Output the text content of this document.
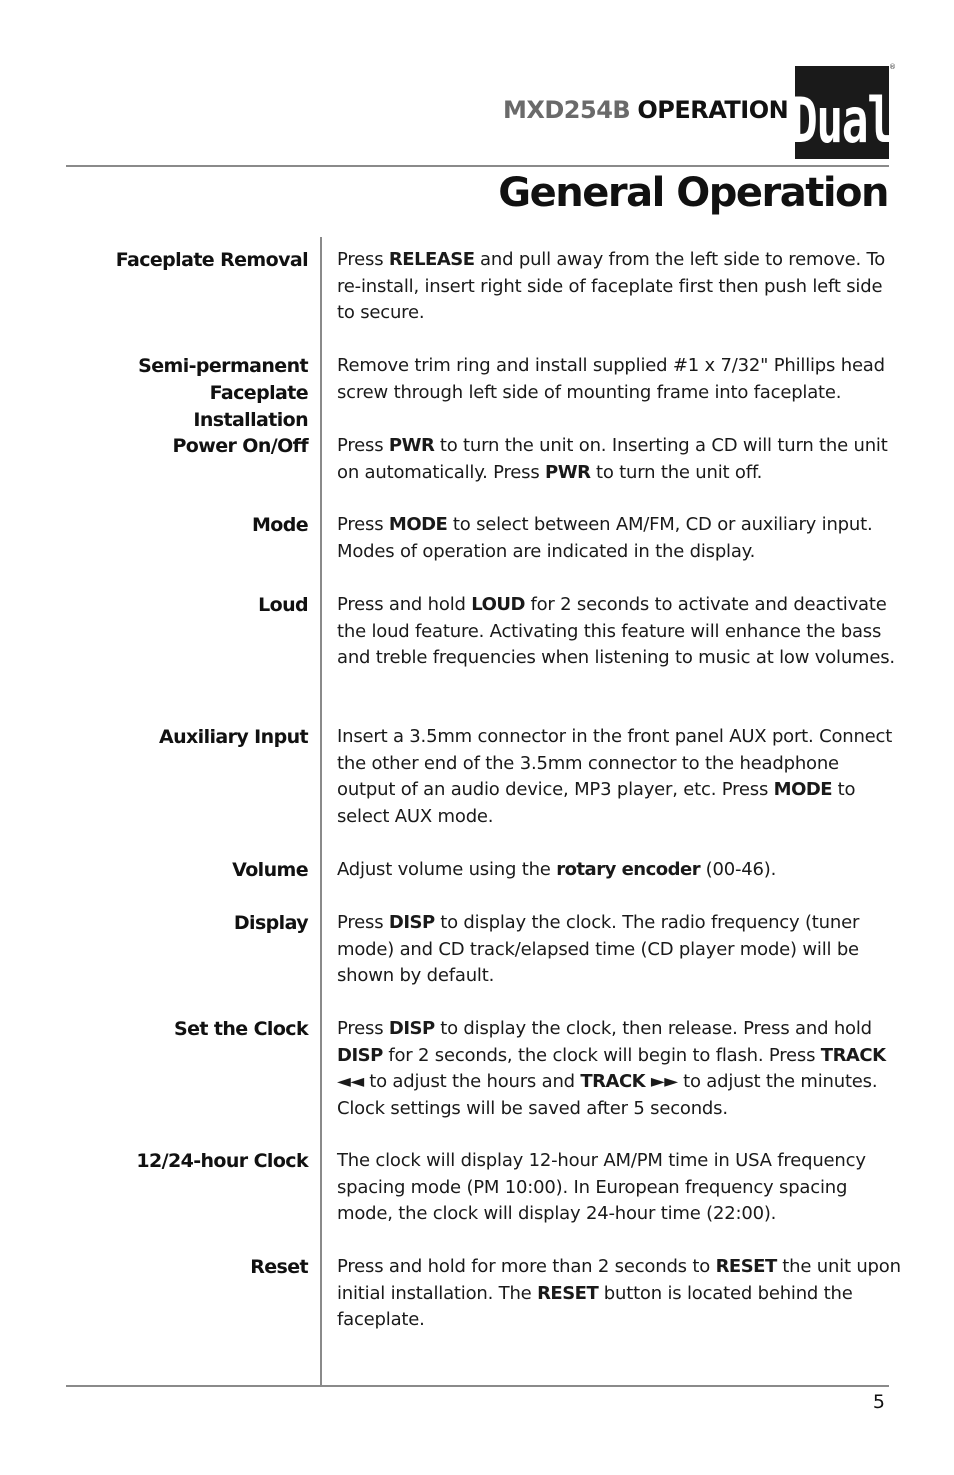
MXD254B OPERATION Dual
®
General Operation
Faceplate Removal
Semi-permanent Faceplate
Installation
Power On/Off
Mode
Loud
Auxiliary Input
Volume
Display
Set the Clock
12/24-hour Clock
Reset
Press RELEASE and pull away from the left side to remove. To re-install, insert right side of faceplate first then push left side to secure.
Remove trim ring and install supplied #1 x 7/32" Phillips head screw through left side of mounting frame into faceplate.
Press PWR to turn the unit on. Inserting a CD will turn the unit on automatically. Press PWR to turn the unit off.
Press MODE to select between AM/FM, CD or auxiliary input. Modes of operation are indicated in the display.
Press and hold LOUD for 2 seconds to activate and deactivate the loud feature. Activating this feature will enhance the bass and treble frequencies when listening to music at low volumes.
Insert a 3.5mm connector in the front panel AUX port. Connect the other end of the 3.5mm connector to the headphone output of an audio device, MP3 player, etc. Press MODE to select AUX mode.
Adjust volume using the rotary encoder (00-46).
Press DISP to display the clock. The radio frequency (tuner mode) and CD track/elapsed time (CD player mode) will be shown by default.
Press DISP to display the clock, then release. Press and hold DISP for 2 seconds, the clock will begin to flash. Press TRACK ◄◄ to adjust the hours and TRACK ►► to adjust the minutes. Clock settings will be saved after 5 seconds.
The clock will display 12-hour AM/PM time in USA frequency spacing mode (PM 10:00). In European frequency spacing mode, the clock will display 24-hour time (22:00).
Press and hold for more than 2 seconds to RESET the unit upon initial installation. The RESET button is located behind the faceplate.
5
